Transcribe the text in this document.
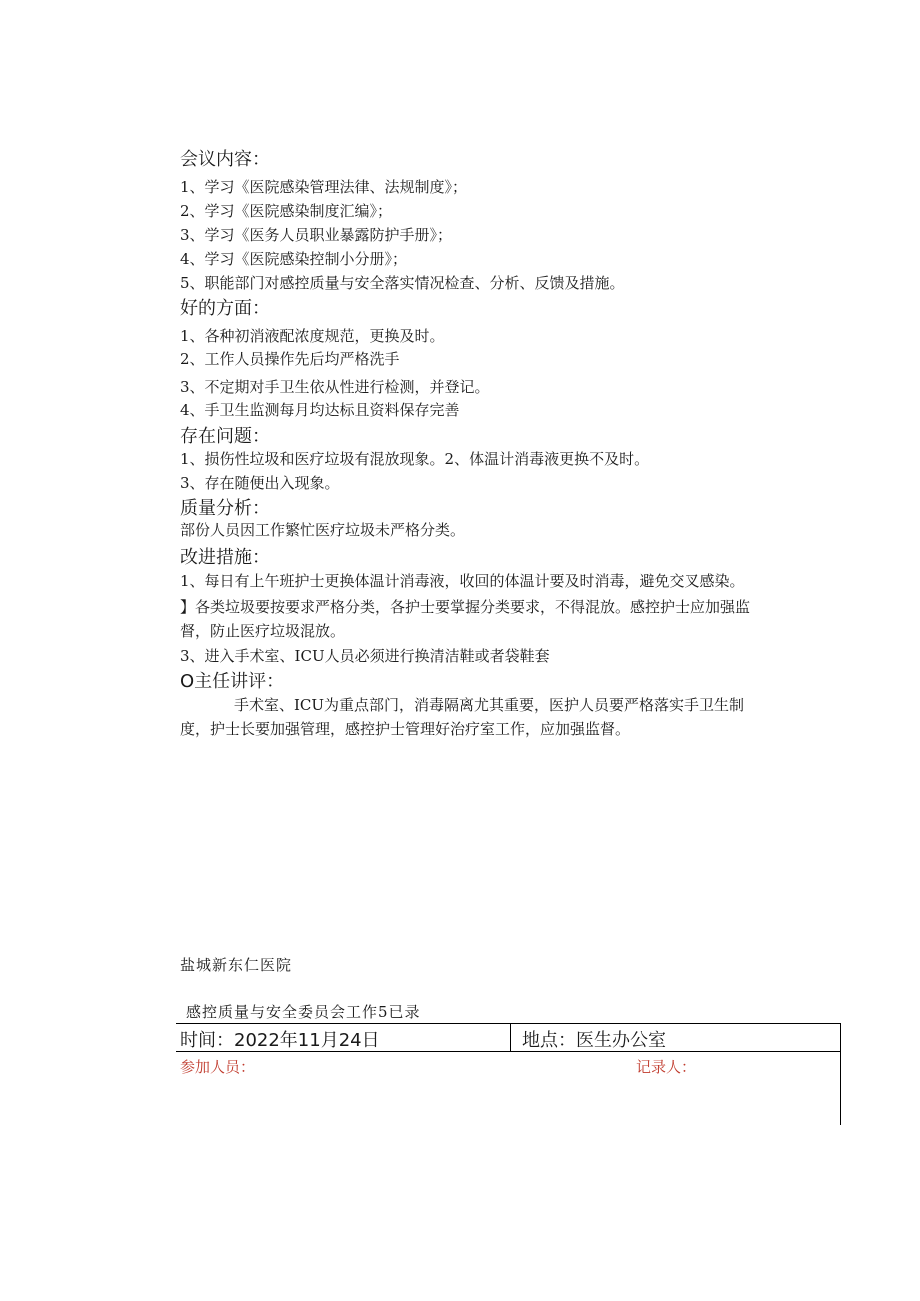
会议内容：
1、学习《医院感染管理法律、法规制度》；
2、学习《医院感染制度汇编》；
3、学习《医务人员职业暴露防护手册》；
4、学习《医院感染控制小分册》；
5、职能部门对感控质量与安全落实情况检查、分析、反馈及措施。
好的方面：
1、各种初消液配浓度规范，更换及时。
2、工作人员操作先后均严格洗手
3、不定期对手卫生依从性进行检测，并登记。
4、手卫生监测每月均达标且资料保存完善
存在问题：
1、损伤性垃圾和医疗垃圾有混放现象。2、体温计消毒液更换不及时。
3、存在随便出入现象。
质量分析：
部份人员因工作繁忙医疗垃圾未严格分类。
改进措施：
1、每日有上午班护士更换体温计消毒液，收回的体温计要及时消毒，避免交叉感染。
】各类垃圾要按要求严格分类，各护士要掌握分类要求，不得混放。感控护士应加强监
督，防止医疗垃圾混放。
3、进入手术室、ICU人员必须进行换清洁鞋或者袋鞋套
O主任讲评：
手术室、ICU为重点部门，消毒隔离尤其重要，医护人员要严格落实手卫生制
度，护士长要加强管理，感控护士管理好治疗室工作，应加强监督。
盐城新东仁医院
感控质量与安全委员会工作5已录
时间：2022年11月24日	地点：医生办公室
参加人员：	记录人：
